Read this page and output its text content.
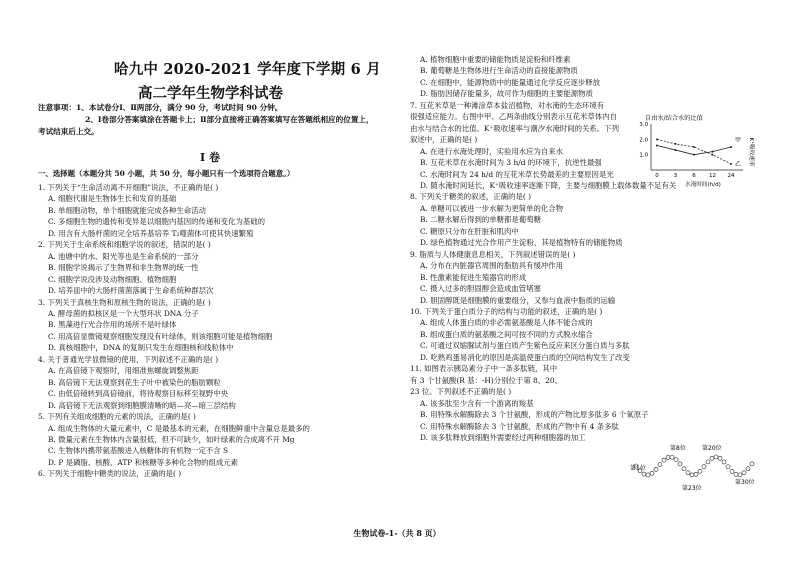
哈九中 2020-2021 学年度下学期 6 月
高二学年生物学科试卷
注意事项：1、本试卷分Ⅰ、Ⅱ两部分，满分 90 分，考试时间 90 分钟。
2、Ⅰ卷部分答案填涂在答题卡上；Ⅱ部分直接将正确答案填写在答题纸相应的位置上，
考试结束后上交。
Ⅰ 卷

一、选择题（本题分共 50 小题，共 50 分，每小题只有一个选项符合题意。）

1. 下列关于“生命活动离不开细胞”说法，不正确的是( )

A. 细胞代谢是生物体生长和发育的基础

B. 单细胞动物，单个细胞就能完成各种生命活动

C. 多细胞生物的遗传和变异是以细胞内基因的传递和变化为基础的

D. 用含有大肠杆菌的完全培养基培养 T₂噬菌体可使其快速繁殖

2. 下列关于生命系统和细胞学说的叙述，错误的是( )

A. 池塘中的水、阳光等也是生命系统的一部分

B. 细胞学说揭示了生物界和非生物界的统一性

C. 细胞学说没涉及动物细胞、植物细胞

D. 培养皿中的大肠杆菌菌落属于生命系统种群层次

3. 下列关于真核生物和原核生物的说法，正确的是( )

A. 酵母菌的拟核区是一个大型环状 DNA 分子

B. 黑藻进行光合作用的场所不是叶绿体

C. 用高倍显微镜观察细胞发现没有叶绿体，则该细胞可能是植物细胞

D. 真核细胞中，DNA 的复制只发生在细胞核和线粒体中

4. 关于普通光学显微镜的使用，下列叙述不正确的是( )

A. 在高倍镜下观察时，用细准焦螺旋调整焦距

B. 高倍镜下无法观察到花生子叶中被染色的脂肪颗粒

C. 由低倍镜转到高倍镜前，将待观察目标移至视野中央

D. 高倍镜下无法观察到细胞膜清晰的暗—亮—暗三层结构

5. 下列有关组成细胞的元素的说法，正确的是( )

A. 组成生物体的大量元素中，C 是最基本的元素，在细胞鲜重中含量总是最多的

B. 微量元素在生物体内含量很低，但不可缺少，如叶绿素的合成离不开 Mg

C. 生物体内携带氨基酸进入核糖体的有机物一定不含 S

D. P 是磷脂、核酸、ATP 和核糖等多种化合物的组成元素

6. 下列关于细胞中糖类的说法，正确的是( )

A. 植物细胞中重要的储能物质是淀粉和纤维素

B. 葡萄糖是生物体进行生命活动的直接能源物质

C. 在细胞中，能源物质中的能量通过化学反应逐步释放

D. 脂肪因储存能量多，故可作为细胞的主要能源物质

7. 互花米草是一种滩涂草本盐沼植物，对水淹的生态环境有

很强适应能力。右图中甲、乙两条曲线分别表示互花米草体内自

由水与结合水的比值、K⁺吸收速率与潮汐水淹时间的关系。下列

叙述中，正确的是( )

A. 在进行水淹处理时，实验用水应为自来水

B. 互花米草在水淹时间为 3 h/d 的环境下，抗逆性最强

C. 水淹时间为 24 h/d 的互花米草长势最差的主要原因是光

D. 随水淹时间延长，K⁺吸收速率逐渐下降，主要与细胞膜上载体数量不足有关

8. 下列关于糖类的叙述，正确的是( )

A. 单糖可以被进一步水解为更简单的化合物

B. 二糖水解后得到的单糖都是葡萄糖

C. 糖原只分布在肝脏和肌肉中

D. 绿色植物通过光合作用产生淀粉，其是植物特有的储能物质

9. 脂质与人体健康息息相关，下列叙述错误的是( )

A. 分布在内脏器官周围的脂肪具有缓冲作用

B. 性激素能促进生殖器官的形成

C. 摄入过多的胆固醇会造成血管堵塞

D. 胆固醇既是细胞膜的重要组分，又参与血液中脂质的运输

10. 下列关于蛋白质分子的结构与功能的叙述，正确的是( )

A. 组成人体蛋白质的非必需氨基酸是人体不能合成的

B. 组成蛋白质的氨基酸之间可按不同的方式脱水缩合

C. 可通过双缩脲试剂与蛋白质产生紫色反应来区分蛋白质与多肽

D. 吃熟鸡蛋易消化的原因是高温使蛋白质的空间结构发生了改变

11. 如图表示胰岛素分子中一条多肽链，其中

有 3 个甘氨酸(R 基：-H)分别位于第 8、20、

23 位。下列叙述不正确的是( )

A. 该多肽至少含有一个游离的羧基

B. 用特殊水解酶除去 3 个甘氨酸，形成的产物比原多肽多 6 个氧原子

C. 用特殊水解酶除去 3 个甘氨酸，形成的产物中有 4 条多肽

D. 该多肽释放到细胞外需要经过两种细胞器的加工

自由水/结合水的比值
K⁺吸收速率
3.0
2.0
1.0
0	3	6 12 24
甲
乙
水淹时间(h/d)
第1位
第8位	第20位
第23位
第30位
生物试卷-1-（共 8 页）
